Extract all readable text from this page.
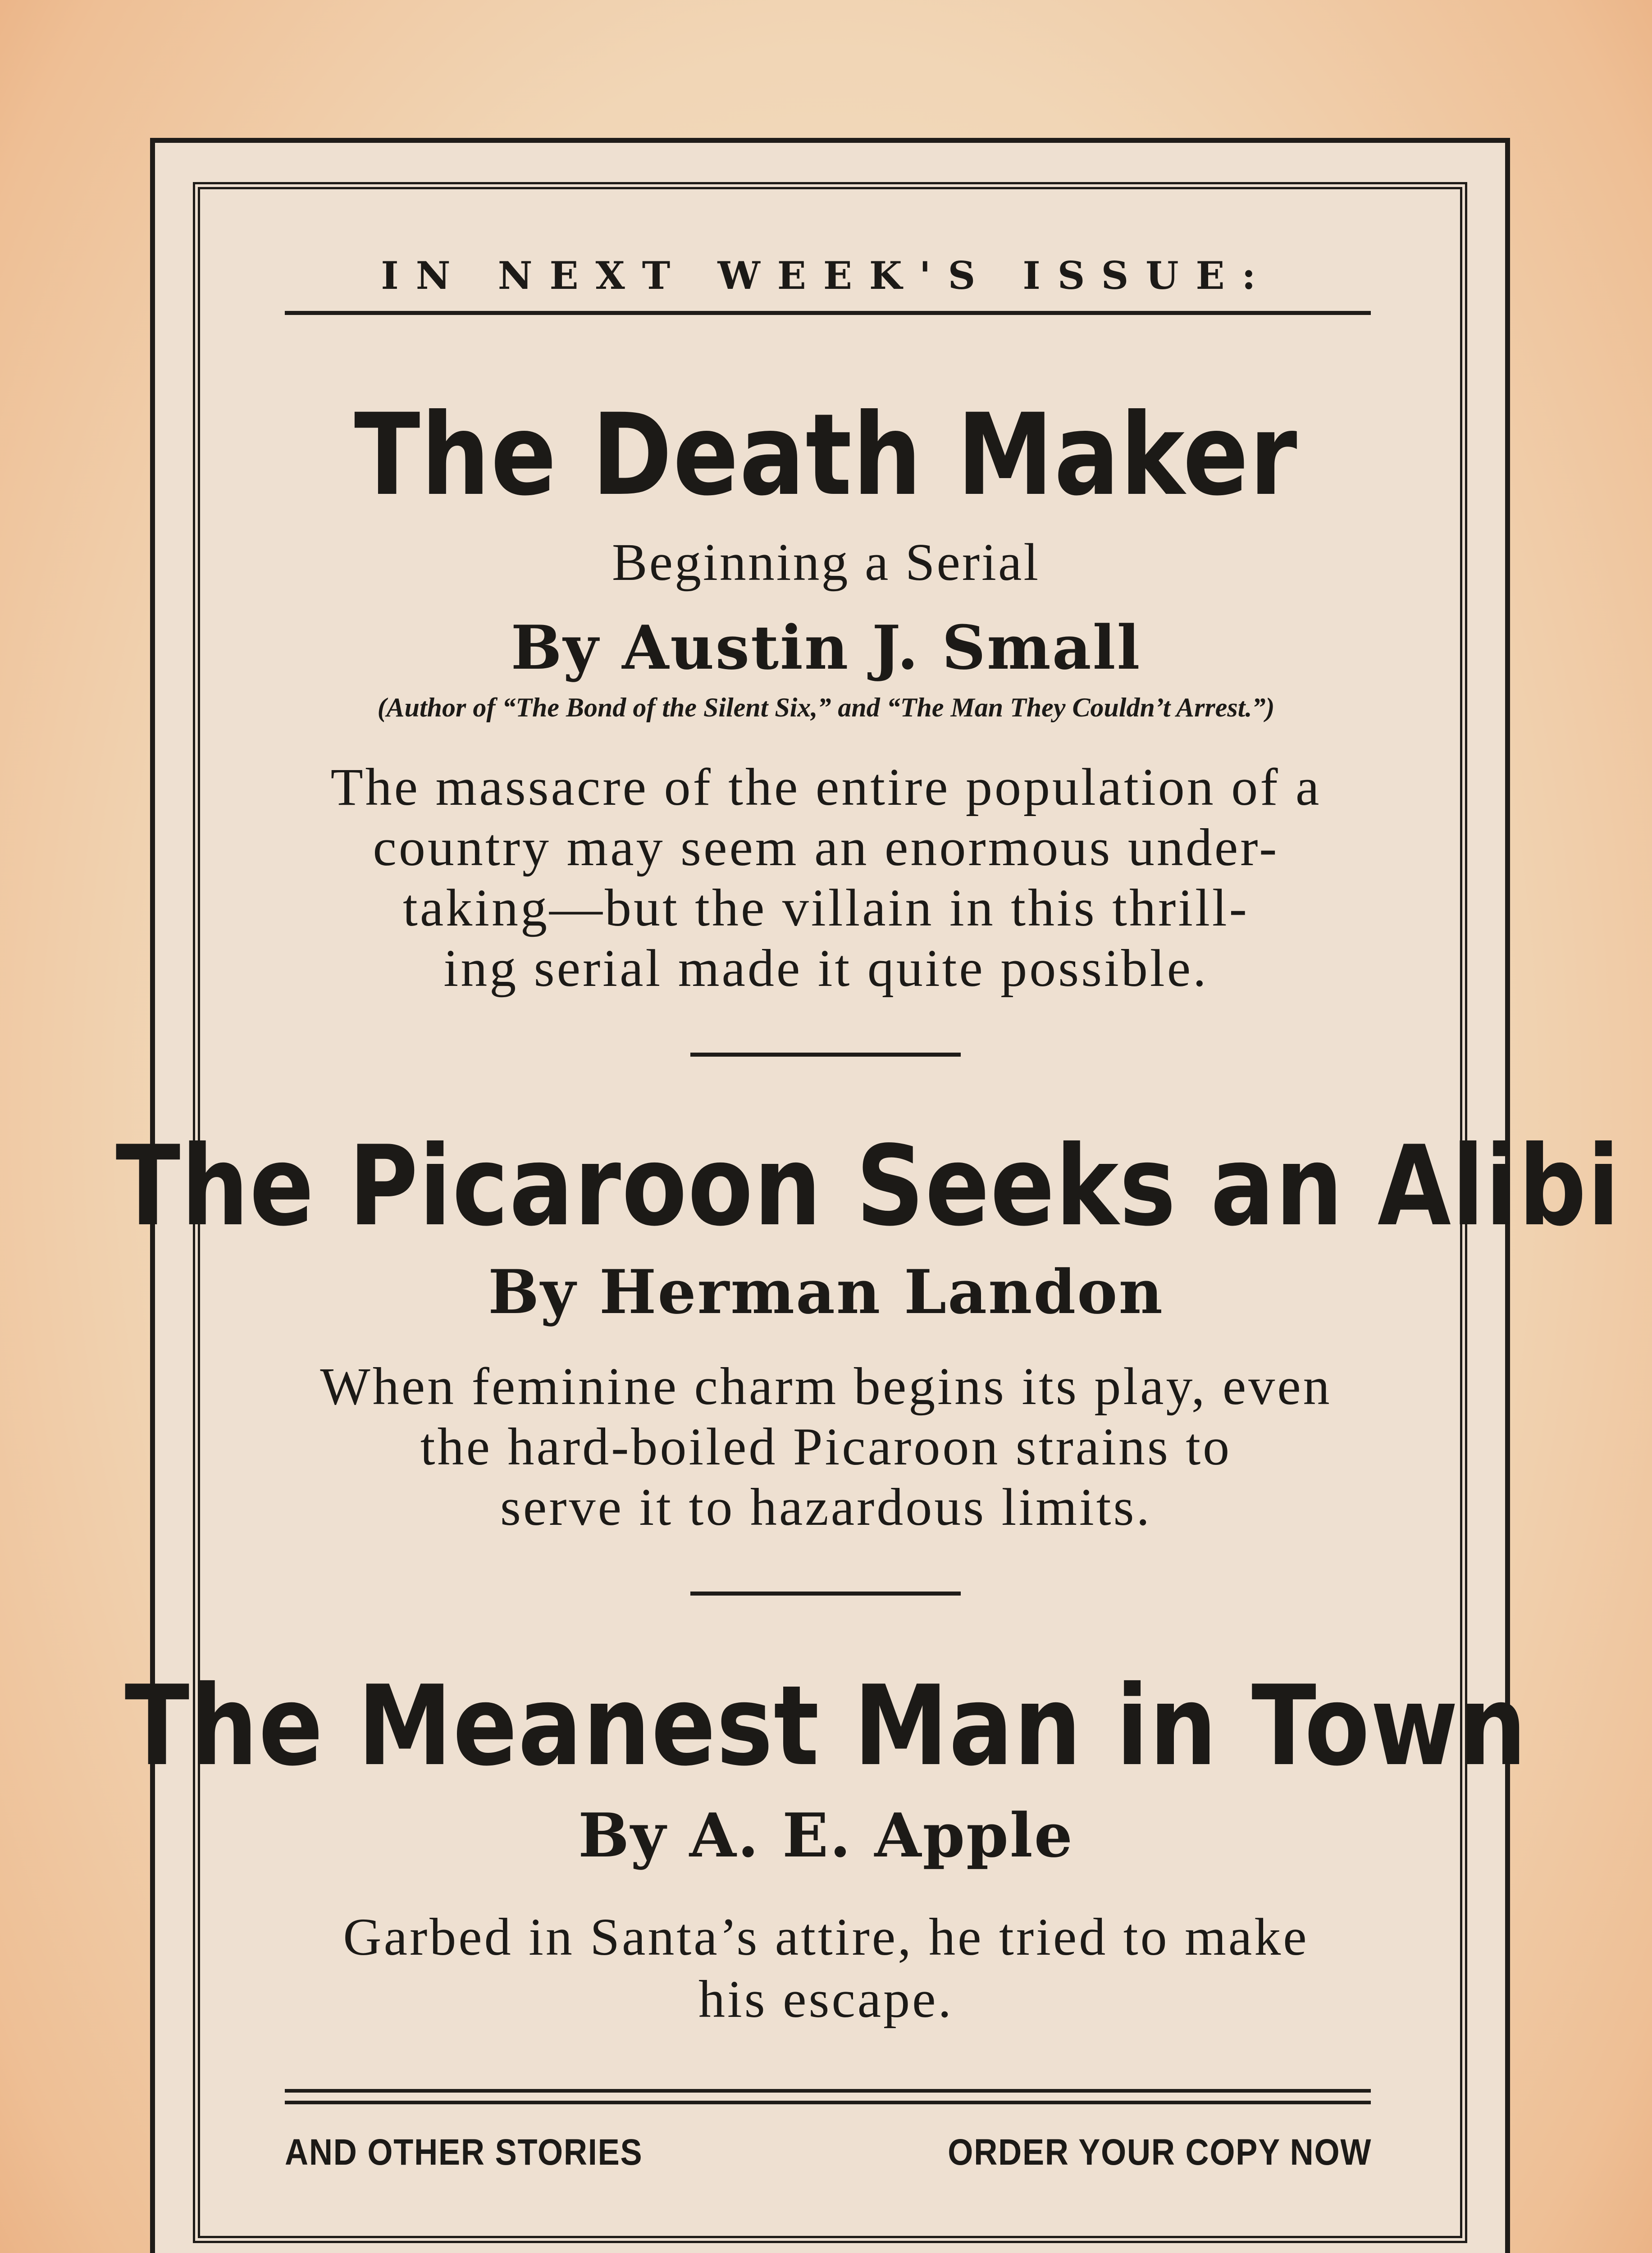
IN NEXT WEEK'S ISSUE:
The Death Maker
Beginning a Serial
By Austin J. Small
(Author of “The Bond of the Silent Six,” and “The Man They Couldn’t Arrest.”)
The massacre of the entire population of a
country may seem an enormous under-
taking—but the villain in this thrill-
ing serial made it quite possible.
The Picaroon Seeks an Alibi
By Herman Landon
When feminine charm begins its play, even
the hard-boiled Picaroon strains to
serve it to hazardous limits.
The Meanest Man in Town
By A. E. Apple
Garbed in Santa’s attire, he tried to make
his escape.
AND OTHER STORIES	ORDER YOUR COPY NOW
